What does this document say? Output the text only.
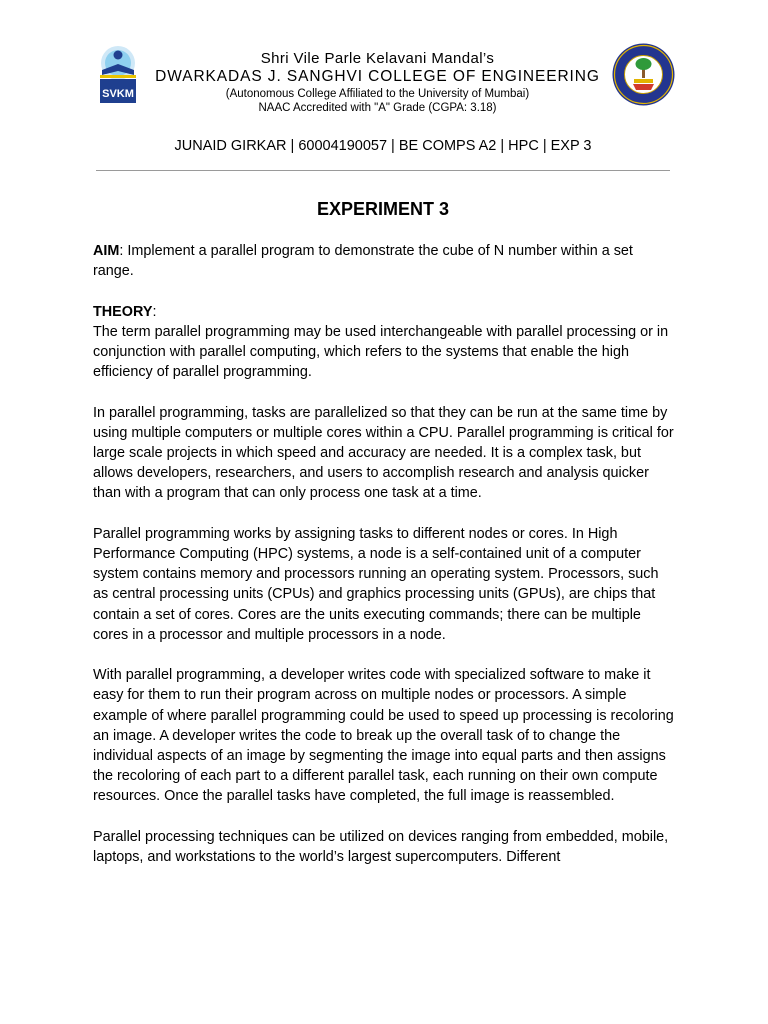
SVKM
Shri Vile Parle Kelavani Mandal’s
DWARKADAS J. SANGHVI COLLEGE OF ENGINEERING
(Autonomous College Affiliated to the University of Mumbai)
NAAC Accredited with "A" Grade (CGPA: 3.18)
JUNAID GIRKAR | 60004190057 | BE COMPS A2 | HPC | EXP 3
EXPERIMENT 3

AIM: Implement a parallel program to demonstrate the cube of N number within a set range.

THEORY:
The term parallel programming may be used interchangeable with parallel processing or in conjunction with parallel computing, which refers to the systems that enable the high efficiency of parallel programming.

In parallel programming, tasks are parallelized so that they can be run at the same time by using multiple computers or multiple cores within a CPU. Parallel programming is critical for large scale projects in which speed and accuracy are needed. It is a complex task, but allows developers, researchers, and users to accomplish research and analysis quicker than with a program that can only process one task at a time.

Parallel programming works by assigning tasks to different nodes or cores. In High Performance Computing (HPC) systems, a node is a self-contained unit of a computer system contains memory and processors running an operating system. Processors, such as central processing units (CPUs) and graphics processing units (GPUs), are chips that contain a set of cores. Cores are the units executing commands; there can be multiple cores in a processor and multiple processors in a node.

With parallel programming, a developer writes code with specialized software to make it easy for them to run their program across on multiple nodes or processors. A simple example of where parallel programming could be used to speed up processing is recoloring an image. A developer writes the code to break up the overall task of to change the individual aspects of an image by segmenting the image into equal parts and then assigns the recoloring of each part to a different parallel task, each running on their own compute resources. Once the parallel tasks have completed, the full image is reassembled.

Parallel processing techniques can be utilized on devices ranging from embedded, mobile, laptops, and workstations to the world’s largest supercomputers. Different
